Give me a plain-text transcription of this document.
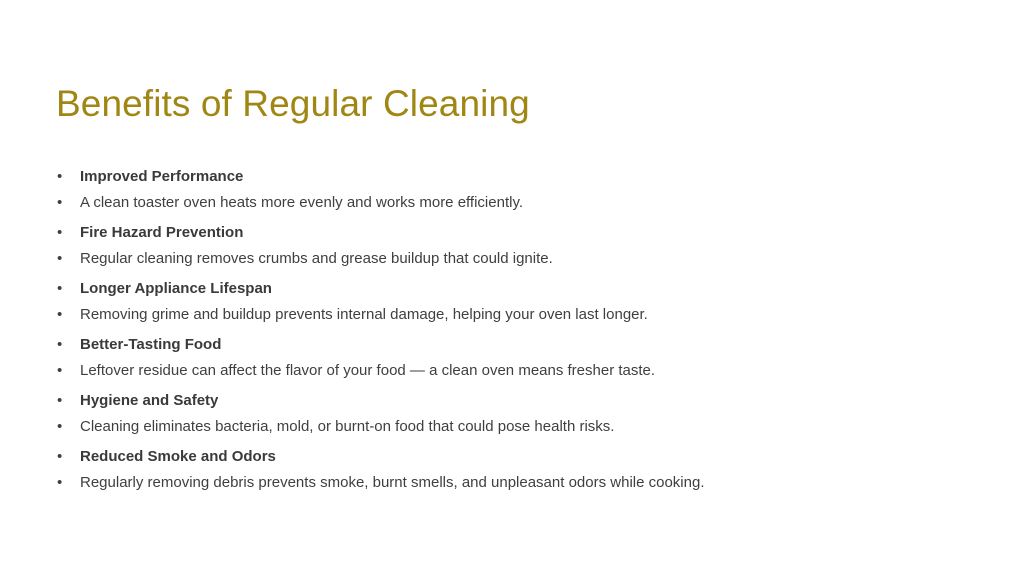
Benefits of Regular Cleaning
• Improved Performance
• A clean toaster oven heats more evenly and works more efficiently.
• Fire Hazard Prevention
• Regular cleaning removes crumbs and grease buildup that could ignite.
• Longer Appliance Lifespan
• Removing grime and buildup prevents internal damage, helping your oven last longer.
• Better-Tasting Food
• Leftover residue can affect the flavor of your food — a clean oven means fresher taste.
• Hygiene and Safety
• Cleaning eliminates bacteria, mold, or burnt-on food that could pose health risks.
• Reduced Smoke and Odors
• Regularly removing debris prevents smoke, burnt smells, and unpleasant odors while cooking.
